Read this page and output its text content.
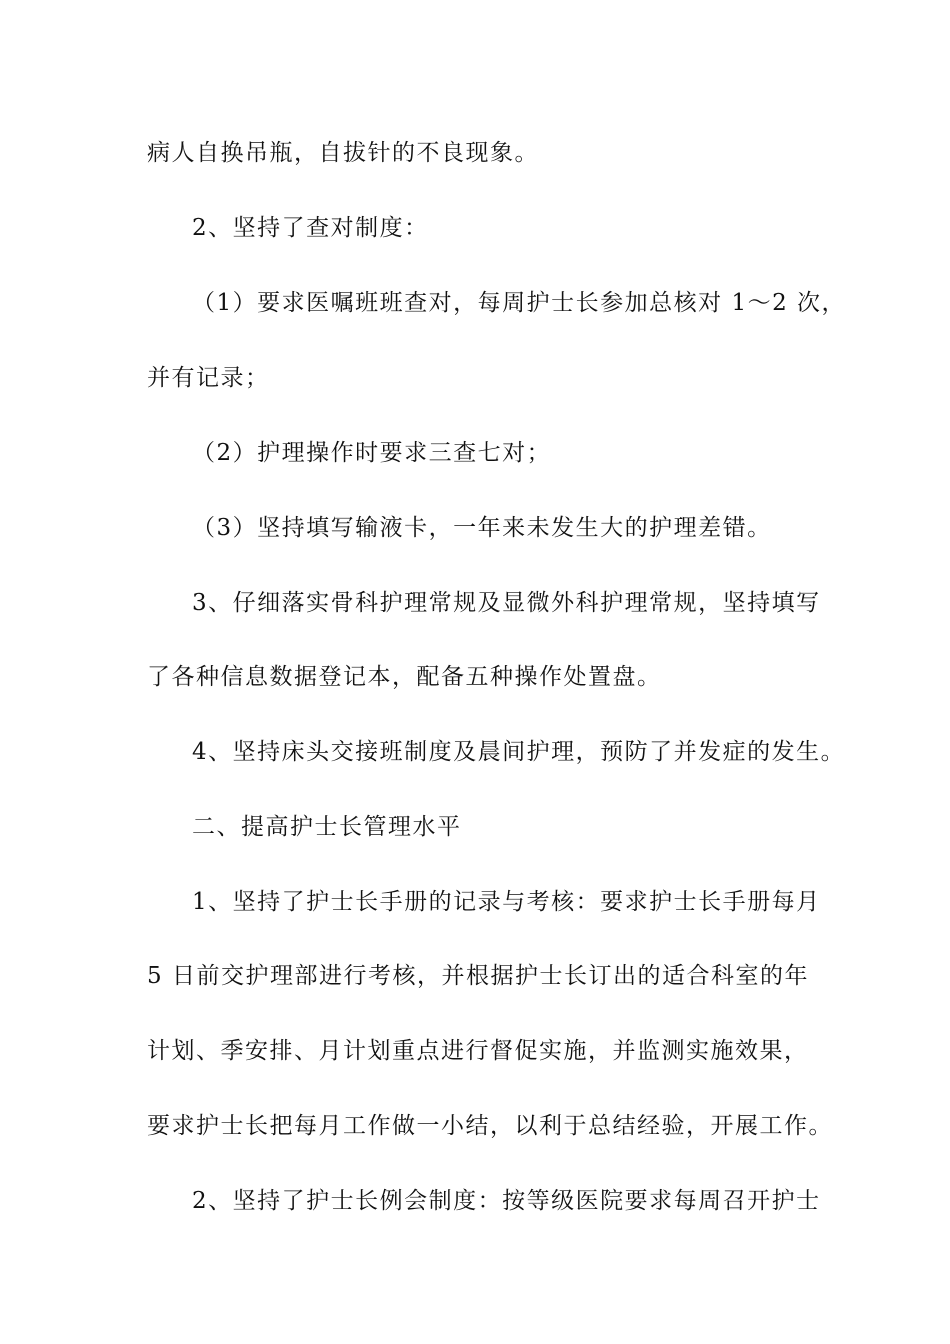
病人自换吊瓶，自拔针的不良现象。
2、坚持了查对制度：
（1）要求医嘱班班查对，每周护士长参加总核对 1～2 次，
并有记录；
（2）护理操作时要求三查七对；
（3）坚持填写输液卡，一年来未发生大的护理差错。
3、仔细落实骨科护理常规及显微外科护理常规，坚持填写
了各种信息数据登记本，配备五种操作处置盘。
4、坚持床头交接班制度及晨间护理，预防了并发症的发生。
二、提高护士长管理水平
1、坚持了护士长手册的记录与考核：要求护士长手册每月
5 日前交护理部进行考核，并根据护士长订出的适合科室的年
计划、季安排、月计划重点进行督促实施，并监测实施效果，
要求护士长把每月工作做一小结，以利于总结经验，开展工作。
2、坚持了护士长例会制度：按等级医院要求每周召开护士
